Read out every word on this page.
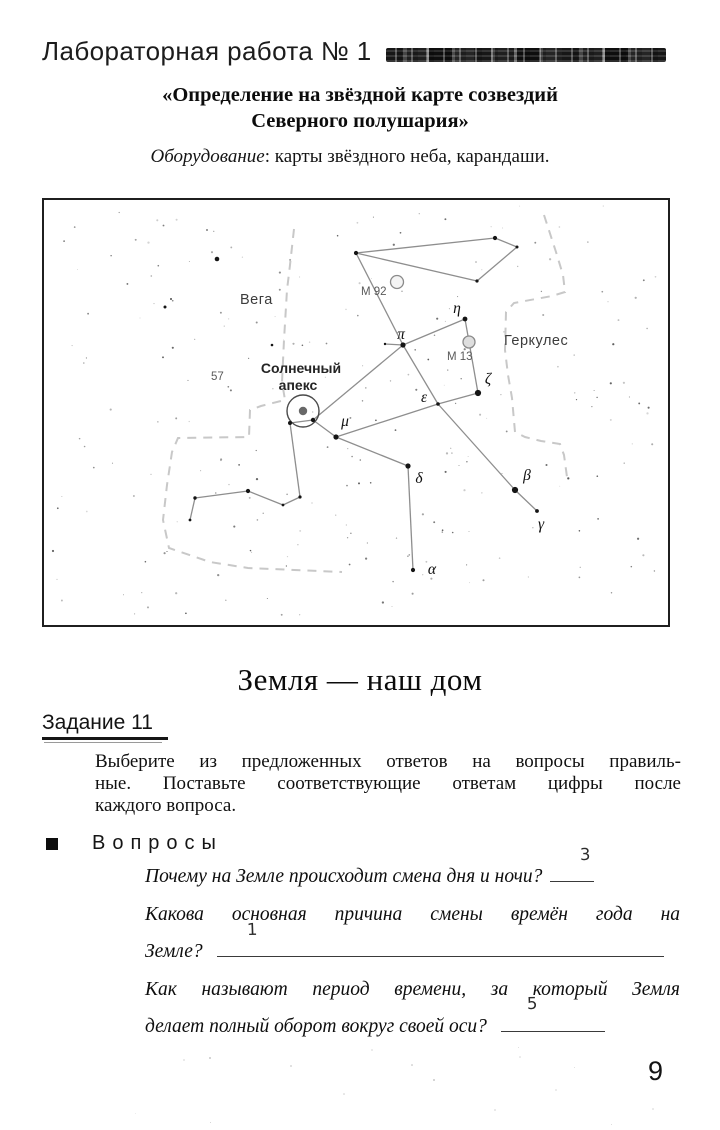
Лабораторная работа № 1
«Определение на звёздной карте созвездий
Северного полушария»
Оборудование: карты звёздного неба, карандаши.
M 92
M 13
Солнечный
апекс
Вега
Геркулес
57
π
η
ζ
ε
μ
δ	β
γ
α
Земля — наш дом
Задание 11
Выберите из предложенных ответов на вопросы правиль-
ные. Поставьте соответствующие ответам цифры после
каждого вопроса.
Вопросы
Почему на Земле происходит смена дня и ночи?
3
Какова основная причина смены времён года на
Земле?
1
Как называют период времени, за который Земля
делает полный оборот вокруг своей оси?
5
9
